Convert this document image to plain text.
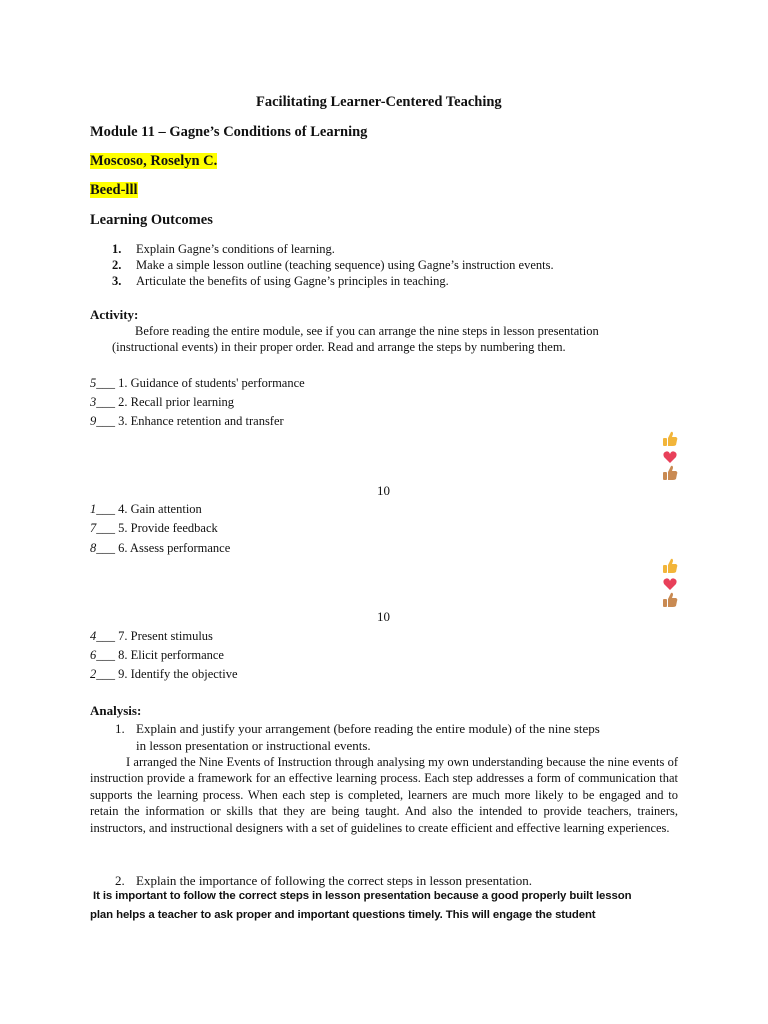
Facilitating Learner-Centered Teaching
Module 11 – Gagne’s Conditions of Learning
Moscoso, Roselyn C.
Beed-lll
Learning Outcomes
1. Explain Gagne’s conditions of learning.
2. Make a simple lesson outline (teaching sequence) using Gagne’s instruction events.
3. Articulate the benefits of using Gagne’s principles in teaching.
Activity:
Before reading the entire module, see if you can arrange the nine steps in lesson presentation
(instructional events) in their proper order. Read and arrange the steps by numbering them.
5___ 1. Guidance of students' performance
3___ 2. Recall prior learning
9___ 3. Enhance retention and transfer
10
1___ 4. Gain attention
7___ 5. Provide feedback
8___ 6. Assess performance
10
4___ 7. Present stimulus
6___ 8. Elicit performance
2___ 9. Identify the objective
Analysis:
1. Explain and justify your arrangement (before reading the entire module) of the nine steps
in lesson presentation or instructional events.
I arranged the Nine Events of Instruction through analysing my own understanding because the nine events of instruction provide a framework for an effective learning process. Each step addresses a form of communication that supports the learning process. When each step is completed, learners are much more likely to be engaged and to retain the information or skills that they are being taught. And also the intended to provide teachers, trainers, instructors, and instructional designers with a set of guidelines to create efficient and effective learning experiences.
2. Explain the importance of following the correct steps in lesson presentation.
It is important to follow the correct steps in lesson presentation because a good properly built lesson
plan helps a teacher to ask proper and important questions timely. This will engage the student
